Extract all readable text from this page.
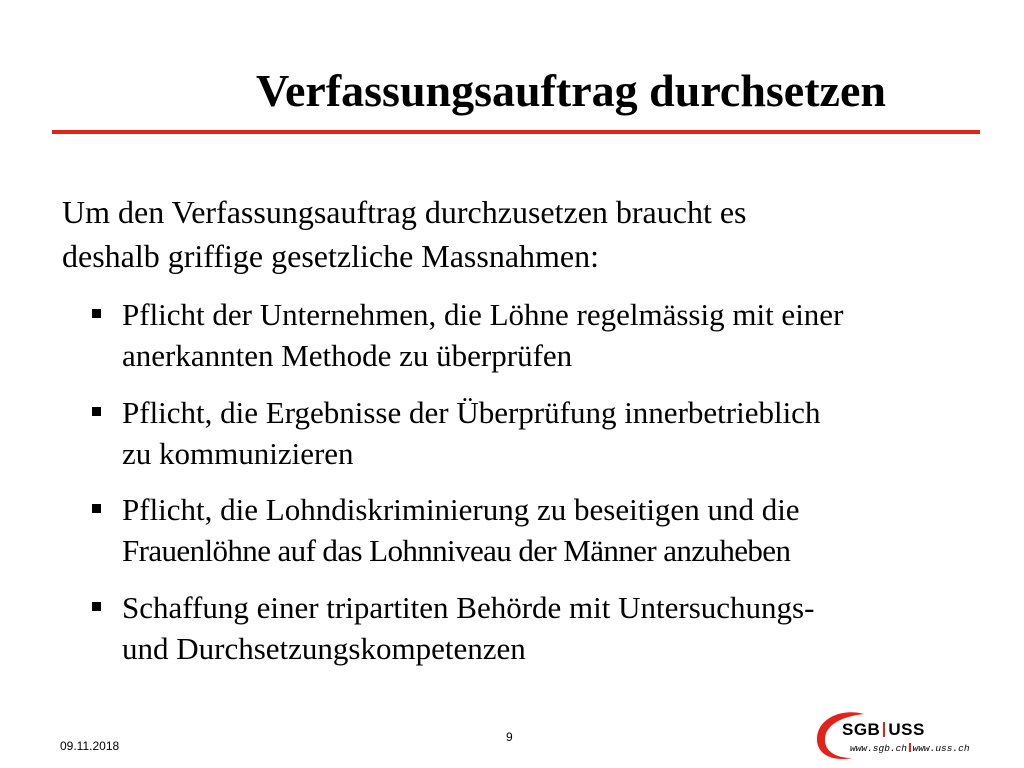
Verfassungsauftrag durchsetzen

Um den Verfassungsauftrag durchzusetzen braucht es
deshalb griffige gesetzliche Massnahmen:

Pflicht der Unternehmen, die Löhne regelmässig mit einer
anerkannten Methode zu überprüfen
Pflicht, die Ergebnisse der Überprüfung innerbetrieblich
zu kommunizieren
Pflicht, die Lohndiskriminierung zu beseitigen und die
Frauenlöhne auf das Lohnniveau der Männer anzuheben
Schaffung einer tripartiten Behörde mit Untersuchungs-
und Durchsetzungskompetenzen
09.11.2018
9	SGB USS
www.sgb.ch www.uss.ch
